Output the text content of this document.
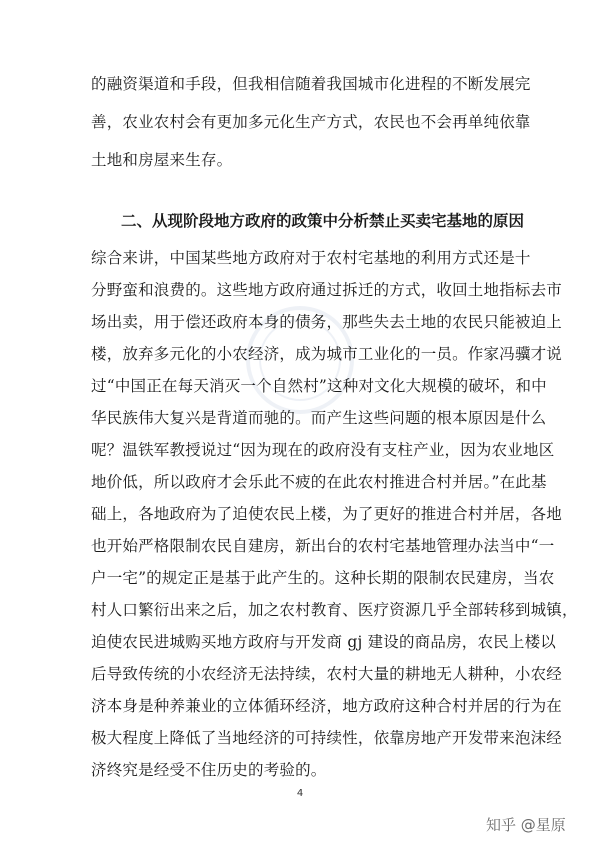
的融资渠道和手段，但我相信随着我国城市化进程的不断发展完
善，农业农村会有更加多元化生产方式，农民也不会再单纯依靠
土地和房屋来生存。
二、从现阶段地方政府的政策中分析禁止买卖宅基地的原因
综合来讲，中国某些地方政府对于农村宅基地的利用方式还是十
分野蛮和浪费的。这些地方政府通过拆迁的方式，收回土地指标去市
场出卖，用于偿还政府本身的债务，那些失去土地的农民只能被迫上
楼，放弃多元化的小农经济，成为城市工业化的一员。作家冯骥才说
过“中国正在每天消灭一个自然村”这种对文化大规模的破坏，和中
华民族伟大复兴是背道而驰的。而产生这些问题的根本原因是什么
呢？温铁军教授说过“因为现在的政府没有支柱产业，因为农业地区
地价低，所以政府才会乐此不疲的在此农村推进合村并居。”在此基
础上，各地政府为了迫使农民上楼，为了更好的推进合村并居，各地
也开始严格限制农民自建房，新出台的农村宅基地管理办法当中“一
户一宅”的规定正是基于此产生的。这种长期的限制农民建房，当农
村人口繁衍出来之后，加之农村教育、医疗资源几乎全部转移到城镇，
迫使农民进城购买地方政府与开发商 gj 建设的商品房，农民上楼以
后导致传统的小农经济无法持续，农村大量的耕地无人耕种，小农经
济本身是种养兼业的立体循环经济，地方政府这种合村并居的行为在
极大程度上降低了当地经济的可持续性，依靠房地产开发带来泡沫经
济终究是经受不住历史的考验的。
4
知乎 @星原
